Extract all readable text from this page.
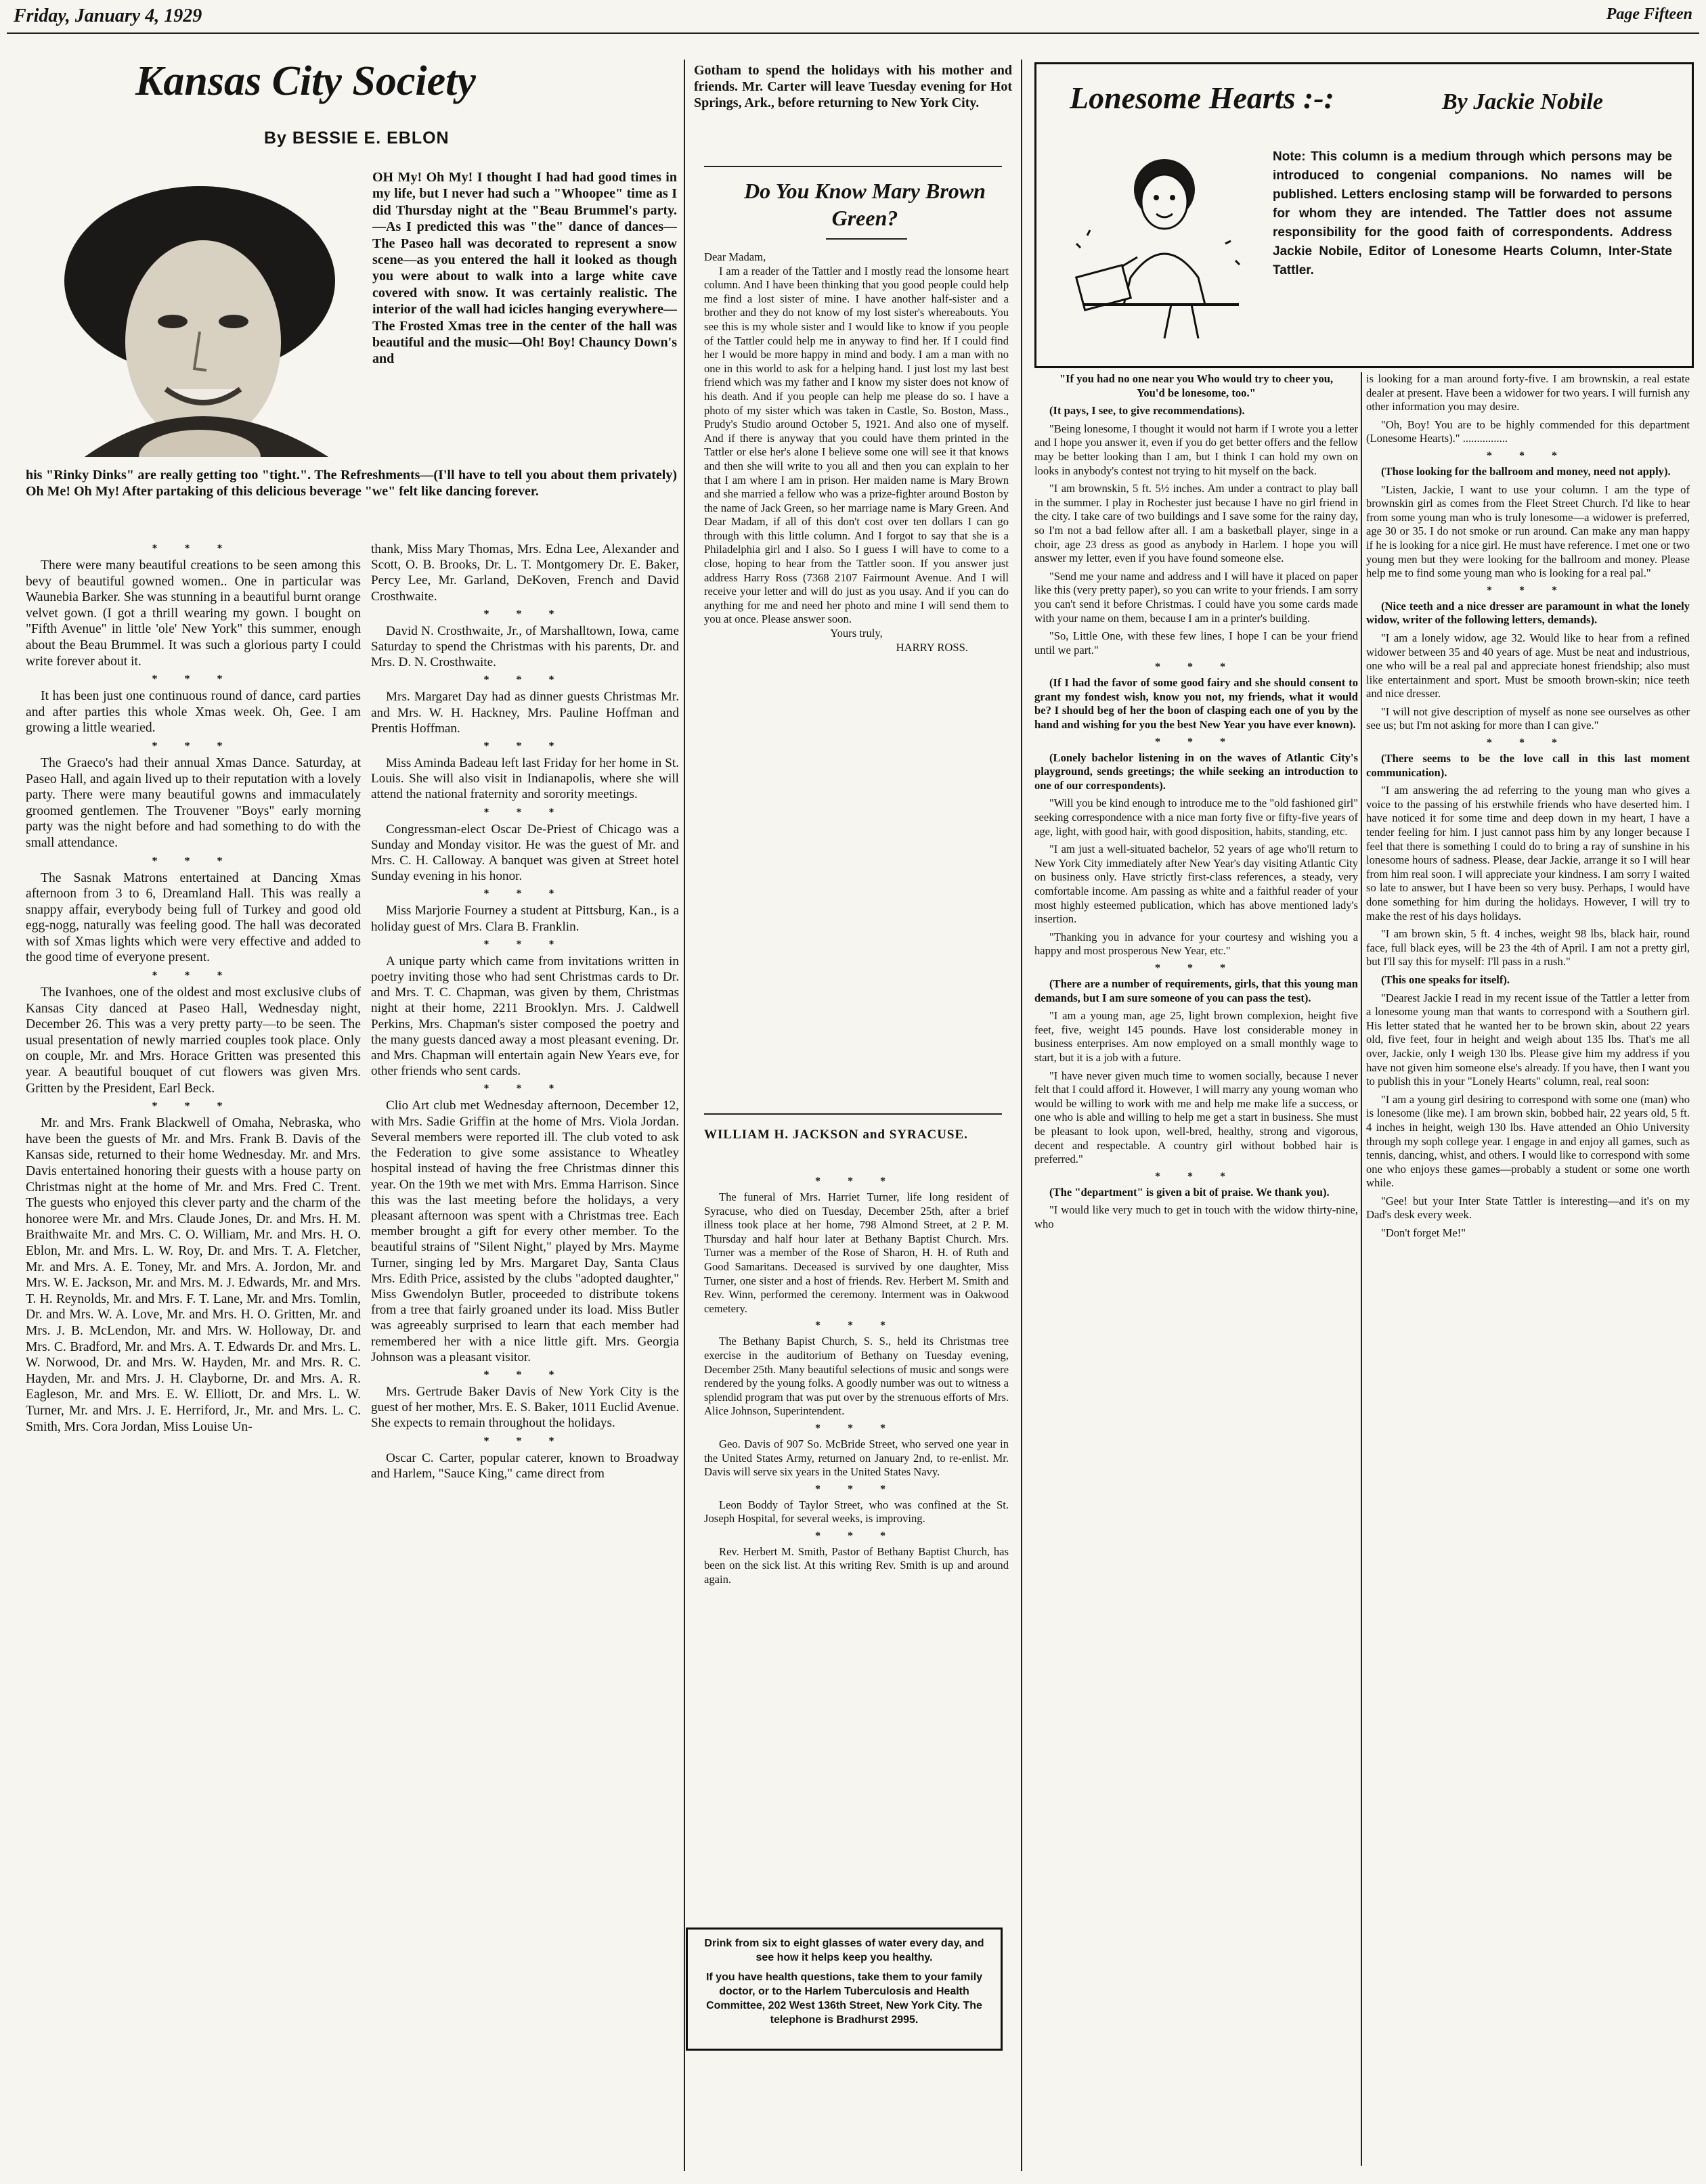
Friday, January 4, 1929	Page Fifteen
Kansas City Society
By BESSIE E. EBLON
OH My! Oh My! I thought I had had good times in my life, but I never had such a "Whoopee" time as I did Thursday night at the "Beau Brummel's party.—As I predicted this was "the" dance of dances— The Paseo hall was decorated to represent a snow scene—as you entered the hall it looked as though you were about to walk into a large white cave covered with snow. It was certainly realistic. The interior of the wall had icicles hanging everywhere—The Frosted Xmas tree in the center of the hall was beautiful and the music—Oh! Boy! Chauncy Down's and
his "Rinky Dinks" are really getting too "tight.". The Refreshments—(I'll have to tell you about them privately) Oh Me! Oh My! After partaking of this delicious beverage "we" felt like dancing forever.
* * *

There were many beautiful creations to be seen among this bevy of beautiful gowned women.. One in particular was Waunebia Barker. She was stunning in a beautiful burnt orange velvet gown. (I got a thrill wearing my gown. I bought on "Fifth Avenue" in little 'ole' New York" this summer, enough about the Beau Brummel. It was such a glorious party I could write forever about it.

* * *

It has been just one continuous round of dance, card parties and after parties this whole Xmas week. Oh, Gee. I am growing a little wearied.

* * *

The Graeco's had their annual Xmas Dance. Saturday, at Paseo Hall, and again lived up to their reputation with a lovely party. There were many beautiful gowns and immaculately groomed gentlemen. The Trouvener "Boys" early morning party was the night before and had something to do with the small attendance.

* * *

The Sasnak Matrons entertained at Dancing Xmas afternoon from 3 to 6, Dreamland Hall. This was really a snappy affair, everybody being full of Turkey and good old egg-nogg, naturally was feeling good. The hall was decorated with sof Xmas lights which were very effective and added to the good time of everyone present.

* * *

The Ivanhoes, one of the oldest and most exclusive clubs of Kansas City danced at Paseo Hall, Wednesday night, December 26. This was a very pretty party—to be seen. The usual presentation of newly married couples took place. Only on couple, Mr. and Mrs. Horace Gritten was presented this year. A beautiful bouquet of cut flowers was given Mrs. Gritten by the President, Earl Beck.

* * *

Mr. and Mrs. Frank Blackwell of Omaha, Nebraska, who have been the guests of Mr. and Mrs. Frank B. Davis of the Kansas side, returned to their home Wednesday. Mr. and Mrs. Davis entertained honoring their guests with a house party on Christmas night at the home of Mr. and Mrs. Fred C. Trent. The guests who enjoyed this clever party and the charm of the honoree were Mr. and Mrs. Claude Jones, Dr. and Mrs. H. M. Braithwaite Mr. and Mrs. C. O. William, Mr. and Mrs. H. O. Eblon, Mr. and Mrs. L. W. Roy, Dr. and Mrs. T. A. Fletcher, Mr. and Mrs. A. E. Toney, Mr. and Mrs. A. Jordon, Mr. and Mrs. W. E. Jackson, Mr. and Mrs. M. J. Edwards, Mr. and Mrs. T. H. Reynolds, Mr. and Mrs. F. T. Lane, Mr. and Mrs. Tomlin, Dr. and Mrs. W. A. Love, Mr. and Mrs. H. O. Gritten, Mr. and Mrs. J. B. McLendon, Mr. and Mrs. W. Holloway, Dr. and Mrs. C. Bradford, Mr. and Mrs. A. T. Edwards Dr. and Mrs. L. W. Norwood, Dr. and Mrs. W. Hayden, Mr. and Mrs. R. C. Hayden, Mr. and Mrs. J. H. Clayborne, Dr. and Mrs. A. R. Eagleson, Mr. and Mrs. E. W. Elliott, Dr. and Mrs. L. W. Turner, Mr. and Mrs. J. E. Herriford, Jr., Mr. and Mrs. L. C. Smith, Mrs. Cora Jordan, Miss Louise Un-

thank, Miss Mary Thomas, Mrs. Edna Lee, Alexander and Scott, O. B. Brooks, Dr. L. T. Montgomery Dr. E. Baker, Percy Lee, Mr. Garland, DeKoven, French and David Crosthwaite.

* * *

David N. Crosthwaite, Jr., of Marshalltown, Iowa, came Saturday to spend the Christmas with his parents, Dr. and Mrs. D. N. Crosthwaite.

* * *

Mrs. Margaret Day had as dinner guests Christmas Mr. and Mrs. W. H. Hackney, Mrs. Pauline Hoffman and Prentis Hoffman.

* * *

Miss Aminda Badeau left last Friday for her home in St. Louis. She will also visit in Indianapolis, where she will attend the national fraternity and sorority meetings.

* * *

Congressman-elect Oscar De-Priest of Chicago was a Sunday and Monday visitor. He was the guest of Mr. and Mrs. C. H. Calloway. A banquet was given at Street hotel Sunday evening in his honor.

* * *

Miss Marjorie Fourney a student at Pittsburg, Kan., is a holiday guest of Mrs. Clara B. Franklin.

* * *

A unique party which came from invitations written in poetry inviting those who had sent Christmas cards to Dr. and Mrs. T. C. Chapman, was given by them, Christmas night at their home, 2211 Brooklyn. Mrs. J. Caldwell Perkins, Mrs. Chapman's sister composed the poetry and the many guests danced away a most pleasant evening. Dr. and Mrs. Chapman will entertain again New Years eve, for other friends who sent cards.

* * *

Clio Art club met Wednesday afternoon, December 12, with Mrs. Sadie Griffin at the home of Mrs. Viola Jordan. Several members were reported ill. The club voted to ask the Federation to give some assistance to Wheatley hospital instead of having the free Christmas dinner this year. On the 19th we met with Mrs. Emma Harrison. Since this was the last meeting before the holidays, a very pleasant afternoon was spent with a Christmas tree. Each member brought a gift for every other member. To the beautiful strains of "Silent Night," played by Mrs. Mayme Turner, singing led by Mrs. Margaret Day, Santa Claus Mrs. Edith Price, assisted by the clubs "adopted daughter," Miss Gwendolyn Butler, proceeded to distribute tokens from a tree that fairly groaned under its load. Miss Butler was agreeably surprised to learn that each member had remembered her with a nice little gift. Mrs. Georgia Johnson was a pleasant visitor.

* * *

Mrs. Gertrude Baker Davis of New York City is the guest of her mother, Mrs. E. S. Baker, 1011 Euclid Avenue. She expects to remain throughout the holidays.

* * *

Oscar C. Carter, popular caterer, known to Broadway and Harlem, "Sauce King," came direct from

Gotham to spend the holidays with his mother and friends. Mr. Carter will leave Tuesday evening for Hot Springs, Ark., before returning to New York City.
Do You Know Mary Brown Green?

Dear Madam,

I am a reader of the Tattler and I mostly read the lonsome heart column. And I have been thinking that you good people could help me find a lost sister of mine. I have another half-sister and a brother and they do not know of my lost sister's whereabouts. You see this is my whole sister and I would like to know if you people of the Tattler could help me in anyway to find her. If I could find her I would be more happy in mind and body. I am a man with no one in this world to ask for a helping hand. I just lost my last best friend which was my father and I know my sister does not know of his death. And if you people can help me please do so. I have a photo of my sister which was taken in Castle, So. Boston, Mass., Prudy's Studio around October 5, 1921. And also one of myself. And if there is anyway that you could have them printed in the Tattler or else her's alone I believe some one will see it that knows and then she will write to you all and then you can explain to her that I am where I am in prison. Her maiden name is Mary Brown and she married a fellow who was a prize-fighter around Boston by the name of Jack Green, so her marriage name is Mary Green. And Dear Madam, if all of this don't cost over ten dollars I can go through with this little column. And I forgot to say that she is a Philadelphia girl and I also. So I guess I will have to come to a close, hoping to hear from the Tattler soon. If you answer just address Harry Ross (7368 2107 Fairmount Avenue. And I will receive your letter and will do just as you usay. And if you can do anything for me and need her photo and mine I will send them to you at once. Please answer soon.

Yours truly,

HARRY ROSS.

WILLIAM H. JACKSON and SYRACUSE.
* * *

The funeral of Mrs. Harriet Turner, life long resident of Syracuse, who died on Tuesday, December 25th, after a brief illness took place at her home, 798 Almond Street, at 2 P. M. Thursday and half hour later at Bethany Baptist Church. Mrs. Turner was a member of the Rose of Sharon, H. H. of Ruth and Good Samaritans. Deceased is survived by one daughter, Miss Turner, one sister and a host of friends. Rev. Herbert M. Smith and Rev. Winn, performed the ceremony. Interment was in Oakwood cemetery.

* * *

The Bethany Bapist Church, S. S., held its Christmas tree exercise in the auditorium of Bethany on Tuesday evening, December 25th. Many beautiful selections of music and songs were rendered by the young folks. A goodly number was out to witness a splendid program that was put over by the strenuous efforts of Mrs. Alice Johnson, Superintendent.

* * *

Geo. Davis of 907 So. McBride Street, who served one year in the United States Army, returned on January 2nd, to re-enlist. Mr. Davis will serve six years in the United States Navy.

* * *

Leon Boddy of Taylor Street, who was confined at the St. Joseph Hospital, for several weeks, is improving.

* * *

Rev. Herbert M. Smith, Pastor of Bethany Baptist Church, has been on the sick list. At this writing Rev. Smith is up and around again.

Drink from six to eight glasses of water every day, and see how it helps keep you healthy.
If you have health questions, take them to your family doctor, or to the Harlem Tuberculosis and Health Committee, 202 West 136th Street, New York City. The telephone is Bradhurst 2995.
Lonesome Hearts :-:	By Jackie Nobile
Note: This column is a medium through which persons may be introduced to congenial companions. No names will be published. Letters enclosing stamp will be forwarded to persons for whom they are intended. The Tattler does not assume responsibility for the good faith of correspondents. Address Jackie Nobile, Editor of Lonesome Hearts Column, Inter-State Tattler.

"If you had no one near you Who would try to cheer you, You'd be lonesome, too."

(It pays, I see, to give recommendations).

"Being lonesome, I thought it would not harm if I wrote you a letter and I hope you answer it, even if you do get better offers and the fellow may be better looking than I am, but I think I can hold my own on looks in anybody's contest not trying to hit myself on the back.

"I am brownskin, 5 ft. 5½ inches. Am under a contract to play ball in the summer. I play in Rochester just because I have no girl friend in the city. I take care of two buildings and I save some for the rainy day, so I'm not a bad fellow after all. I am a basketball player, singe in a choir, age 23 dress as good as anybody in Harlem. I hope you will answer my letter, even if you have found someone else.

"Send me your name and address and I will have it placed on paper like this (very pretty paper), so you can write to your friends. I am sorry you can't send it before Christmas. I could have you some cards made with your name on them, because I am in a printer's building.

"So, Little One, with these few lines, I hope I can be your friend until we part."

* * *

(If I had the favor of some good fairy and she should consent to grant my fondest wish, know you not, my friends, what it would be? I should beg of her the boon of clasping each one of you by the hand and wishing for you the best New Year you have ever known).

* * *

(Lonely bachelor listening in on the waves of Atlantic City's playground, sends greetings; the while seeking an introduction to one of our correspondents).

"Will you be kind enough to introduce me to the "old fashioned girl" seeking correspondence with a nice man forty five or fifty-five years of age, light, with good hair, with good disposition, habits, standing, etc.

"I am just a well-situated bachelor, 52 years of age who'll return to New York City immediately after New Year's day visiting Atlantic City on business only. Have strictly first-class references, a steady, very comfortable income. Am passing as white and a faithful reader of your most highly esteemed publication, which has above mentioned lady's insertion.

"Thanking you in advance for your courtesy and wishing you a happy and most prosperous New Year, etc."

* * *

(There are a number of requirements, girls, that this young man demands, but I am sure someone of you can pass the test).

"I am a young man, age 25, light brown complexion, height five feet, five, weight 145 pounds. Have lost considerable money in business enterprises. Am now employed on a small monthly wage to start, but it is a job with a future.

"I have never given much time to women socially, because I never felt that I could afford it. However, I will marry any young woman who would be willing to work with me and help me make life a success, or one who is able and willing to help me get a start in business. She must be pleasant to look upon, well-bred, healthy, strong and vigorous, decent and respectable. A country girl without bobbed hair is preferred."

* * *

(The "department" is given a bit of praise. We thank you).

"I would like very much to get in touch with the widow thirty-nine, who

is looking for a man around forty-five. I am brownskin, a real estate dealer at present. Have been a widower for two years. I will furnish any other information you may desire.

"Oh, Boy! You are to be highly commended for this department (Lonesome Hearts)." ................

* * *

(Those looking for the ballroom and money, need not apply).

"Listen, Jackie, I want to use your column. I am the type of brownskin girl as comes from the Fleet Street Church. I'd like to hear from some young man who is truly lonesome—a widower is preferred, age 30 or 35. I do not smoke or run around. Can make any man happy if he is looking for a nice girl. He must have reference. I met one or two young men but they were looking for the ballroom and money. Please help me to find some young man who is looking for a real pal."

* * *

(Nice teeth and a nice dresser are paramount in what the lonely widow, writer of the following letters, demands).

"I am a lonely widow, age 32. Would like to hear from a refined widower between 35 and 40 years of age. Must be neat and industrious, one who will be a real pal and appreciate honest friendship; also must like entertainment and sport. Must be smooth brown-skin; nice teeth and nice dresser.

"I will not give description of myself as none see ourselves as other see us; but I'm not asking for more than I can give."

* * *

(There seems to be the love call in this last moment communication).

"I am answering the ad referring to the young man who gives a voice to the passing of his erstwhile friends who have deserted him. I have noticed it for some time and deep down in my heart, I have a tender feeling for him. I just cannot pass him by any longer because I feel that there is something I could do to bring a ray of sunshine in his lonesome hours of sadness. Please, dear Jackie, arrange it so I will hear from him real soon. I will appreciate your kindness. I am sorry I waited so late to answer, but I have been so very busy. Perhaps, I would have done something for him during the holidays. However, I will try to make the rest of his days holidays.

"I am brown skin, 5 ft. 4 inches, weight 98 lbs, black hair, round face, full black eyes, will be 23 the 4th of April. I am not a pretty girl, but I'll say this for myself: I'll pass in a rush."

(This one speaks for itself).

"Dearest Jackie I read in my recent issue of the Tattler a letter from a lonesome young man that wants to correspond with a Southern girl. His letter stated that he wanted her to be brown skin, about 22 years old, five feet, four in height and weigh about 135 lbs. That's me all over, Jackie, only I weigh 130 lbs. Please give him my address if you have not given him someone else's already. If you have, then I want you to publish this in your "Lonely Hearts" column, real, real soon:

"I am a young girl desiring to correspond with some one (man) who is lonesome (like me). I am brown skin, bobbed hair, 22 years old, 5 ft. 4 inches in height, weigh 130 lbs. Have attended an Ohio University through my soph college year. I engage in and enjoy all games, such as tennis, dancing, whist, and others. I would like to correspond with some one who enjoys these games—probably a student or some one worth while.

"Gee! but your Inter State Tattler is interesting—and it's on my Dad's desk every week.

"Don't forget Me!"
